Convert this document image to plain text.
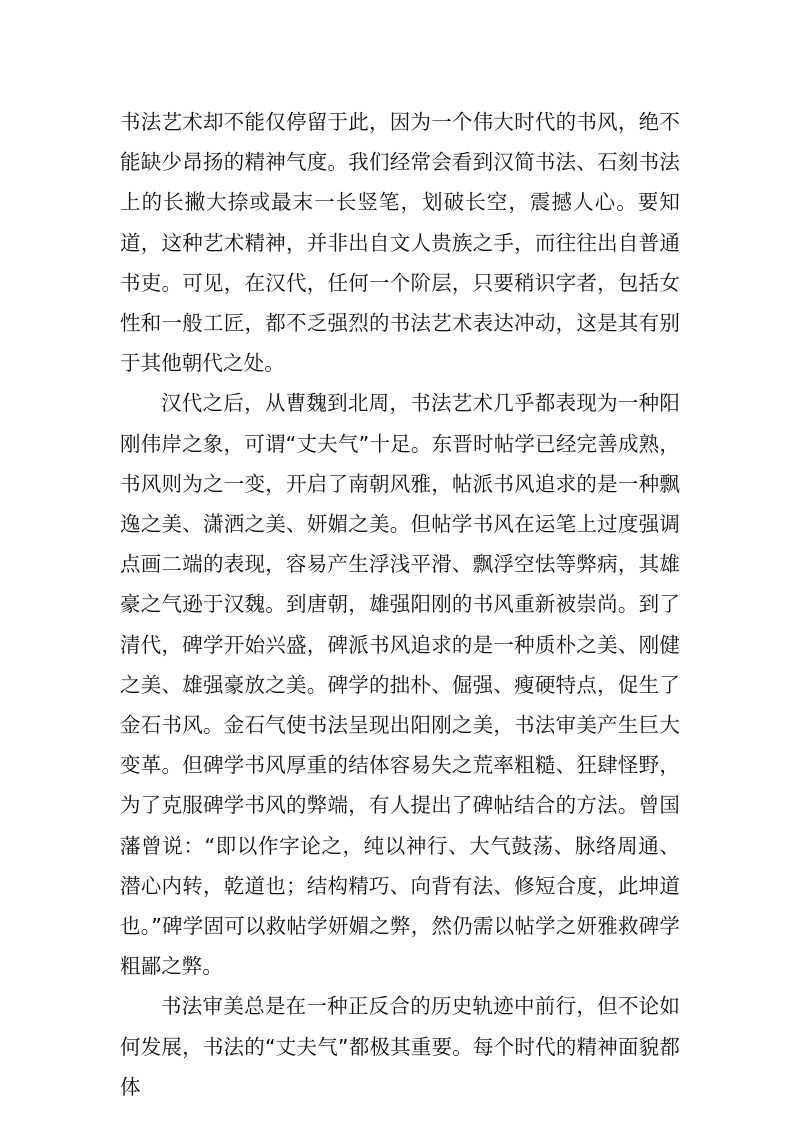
书法艺术却不能仅停留于此，因为一个伟大时代的书风，绝不能缺少昂扬的精神气度。我们经常会看到汉简书法、石刻书法上的长撇大捺或最末一长竖笔，划破长空，震撼人心。要知道，这种艺术精神，并非出自文人贵族之手，而往往出自普通书吏。可见，在汉代，任何一个阶层，只要稍识字者，包括女性和一般工匠，都不乏强烈的书法艺术表达冲动，这是其有别于其他朝代之处。

汉代之后，从曹魏到北周，书法艺术几乎都表现为一种阳刚伟岸之象，可谓“丈夫气”十足。东晋时帖学已经完善成熟，书风则为之一变，开启了南朝风雅，帖派书风追求的是一种飘逸之美、潇洒之美、妍媚之美。但帖学书风在运笔上过度强调点画二端的表现，容易产生浮浅平滑、飘浮空怯等弊病，其雄豪之气逊于汉魏。到唐朝，雄强阳刚的书风重新被崇尚。到了清代，碑学开始兴盛，碑派书风追求的是一种质朴之美、刚健之美、雄强豪放之美。碑学的拙朴、倔强、瘦硬特点，促生了金石书风。金石气使书法呈现出阳刚之美，书法审美产生巨大变革。但碑学书风厚重的结体容易失之荒率粗糙、狂肆怪野，为了克服碑学书风的弊端，有人提出了碑帖结合的方法。曾国藩曾说：“即以作字论之，纯以神行、大气鼓荡、脉络周通、潜心内转，乾道也；结构精巧、向背有法、修短合度，此坤道也。”碑学固可以救帖学妍媚之弊，然仍需以帖学之妍雅救碑学粗鄙之弊。

书法审美总是在一种正反合的历史轨迹中前行，但不论如何发展，书法的“丈夫气”都极其重要。每个时代的精神面貌都体
